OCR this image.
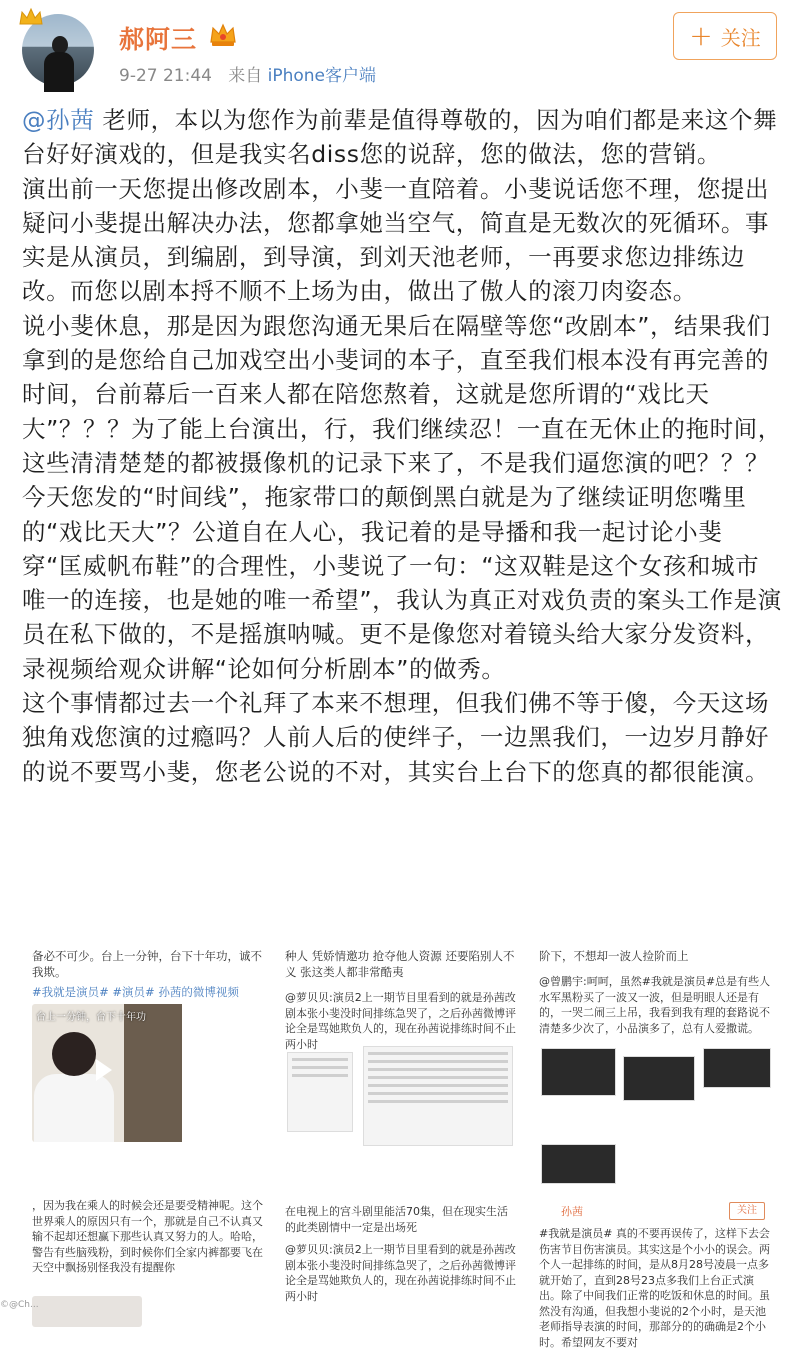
郝阿三
9-27 21:44 来自 iPhone客户端
+ 关注

@孙茜 老师，本以为您作为前辈是值得尊敬的，因为咱们都是来这个舞台好好演戏的，但是我实名diss您的说辞，您的做法，您的营销。

演出前一天您提出修改剧本，小斐一直陪着。小斐说话您不理，您提出疑问小斐提出解决办法，您都拿她当空气，简直是无数次的死循环。事实是从演员，到编剧，到导演，到刘天池老师，一再要求您边排练边改。而您以剧本捋不顺不上场为由，做出了傲人的滚刀肉姿态。

说小斐休息，那是因为跟您沟通无果后在隔壁等您“改剧本”，结果我们拿到的是您给自己加戏空出小斐词的本子，直至我们根本没有再完善的时间，台前幕后一百来人都在陪您熬着，这就是您所谓的“戏比天大”？？？为了能上台演出，行，我们继续忍！一直在无休止的拖时间，这些清清楚楚的都被摄像机的记录下来了，不是我们逼您演的吧？？？

今天您发的“时间线”，拖家带口的颠倒黑白就是为了继续证明您嘴里的“戏比天大”？公道自在人心，我记着的是导播和我一起讨论小斐穿“匡威帆布鞋”的合理性，小斐说了一句：“这双鞋是这个女孩和城市唯一的连接，也是她的唯一希望”，我认为真正对戏负责的案头工作是演员在私下做的，不是摇旗呐喊。更不是像您对着镜头给大家分发资料，录视频给观众讲解“论如何分析剧本”的做秀。

这个事情都过去一个礼拜了本来不想理，但我们佛不等于傻，今天这场独角戏您演的过瘾吗？人前人后的使绊子，一边黑我们，一边岁月静好的说不要骂小斐，您老公说的不对，其实台上台下的您真的都很能演。

备必不可少。台上一分钟，台下十年功，诚不我欺。
#我就是演员# #演员# 孙茜的微博视频
台上一分钟，台下十年功
，因为我在乘人的时候会还是要受精神呢。这个世界乘人的原因只有一个，那就是自己不认真又输不起却还想赢下那些认真又努力的人。哈哈，警告有些脑残粉，到时候你们全家内裤都要飞在天空中飘扬别怪我没有提醒你
种人 凭娇情邀功 抢夺他人资源 还要陷别人不义 张这类人都非常酷夷
@萝贝贝:演员2上一期节目里看到的就是孙茜改剧本张小斐没时间排练急哭了，之后孙茜微博评论全是骂她欺负人的，现在孙茜说排练时间不止两小时
在电视上的宫斗剧里能活70集，但在现实生活的此类剧情中一定是出场死
@萝贝贝:演员2上一期节目里看到的就是孙茜改剧本张小斐没时间排练急哭了，之后孙茜微博评论全是骂她欺负人的，现在孙茜说排练时间不止两小时
阶下，不想却一波人捡阶而上
@曾鹏宇:呵呵，虽然#我就是演员#总是有些人水军黑粉买了一波又一波，但是明眼人还是有的，一哭二闹三上吊，我看到我有理的套路说不清楚多少次了，小品演多了，总有人爱撒谎。
孙茜	关注
#我就是演员# 真的不要再误传了，这样下去会伤害节目伤害演员。其实这是个小小的误会。两个人一起排练的时间，是从8月28号凌晨一点多就开始了，直到28号23点多我们上台正式演出。除了中间我们正常的吃饭和休息的时间。虽然没有沟通，但我想小斐说的2个小时，是天池老师指导表演的时间，那部分的的确确是2个小时。希望网友不要对
©@Ch...
